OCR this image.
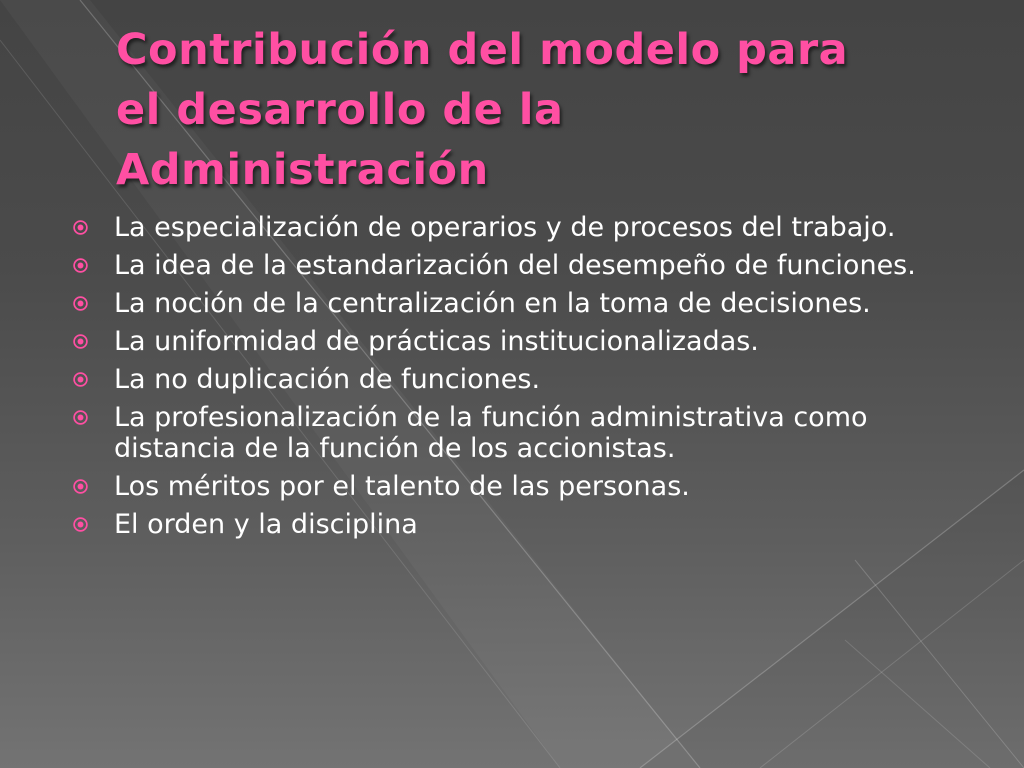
Contribución del modelo para
el desarrollo de la
Administración
La especialización de operarios y de procesos del trabajo.
La idea de la estandarización del desempeño de funciones.
La noción de la centralización en la toma de decisiones.
La uniformidad de prácticas institucionalizadas.
La no duplicación de funciones.
La profesionalización de la función administrativa como distancia de la función de los accionistas.
Los méritos por el talento de las personas.
El orden y la disciplina
